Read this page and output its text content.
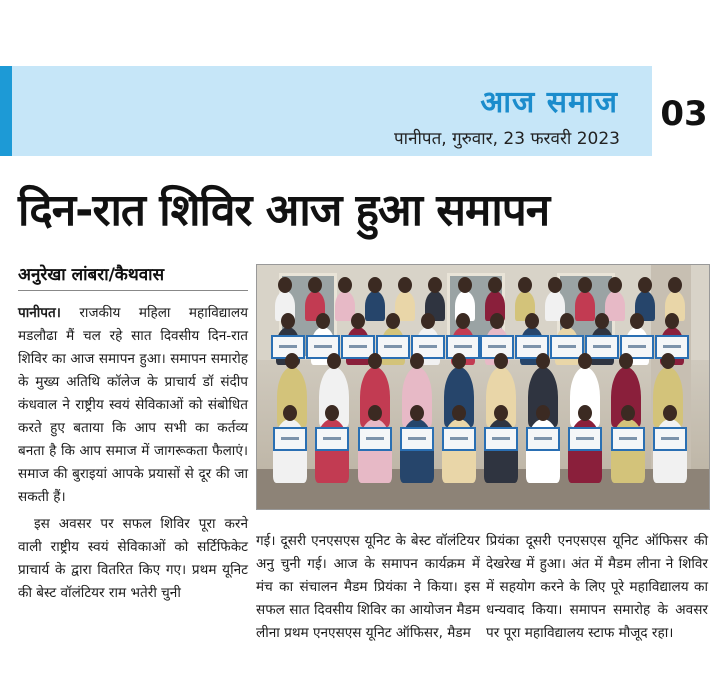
आज समाज
पानीपत, गुरुवार, 23 फरवरी 2023
03
दिन-रात शिविर आज हुआ समापन
अनुरेखा लांबरा/कैथवास

पानीपत। राजकीय महिला महाविद्यालय मडलौढा मैं चल रहे सात दिवसीय दिन-रात शिविर का आज समापन हुआ। समापन समारोह के मुख्य अतिथि कॉलेज के प्राचार्य डॉ संदीप कंधवाल ने राष्ट्रीय स्वयं सेविकाओं को संबोधित करते हुए बताया कि आप सभी का कर्तव्य बनता है कि आप समाज में जागरूकता फैलाएं। समाज की बुराइयां आपके प्रयासों से दूर की जा सकती हैं।

इस अवसर पर सफल शिविर पूरा करने वाली राष्ट्रीय स्वयं सेविकाओं को सर्टिफिकेट प्राचार्य के द्वारा वितरित किए गए। प्रथम यूनिट की बेस्ट वॉलंटियर राम भतेरी चुनी

गई। दूसरी एनएसएस यूनिट के बेस्ट वॉलंटियर अनु चुनी गई। आज के समापन कार्यक्रम में मंच का संचालन मैडम प्रियंका ने किया। इस सफल सात दिवसीय शिविर का आयोजन मैडम लीना प्रथम एनएसएस यूनिट ऑफिसर, मैडम
प्रियंका दूसरी एनएसएस यूनिट ऑफिसर की देखरेख में हुआ। अंत में मैडम लीना ने शिविर में सहयोग करने के लिए पूरे महाविद्यालय का धन्यवाद किया। समापन समारोह के अवसर पर पूरा महाविद्यालय स्टाफ मौजूद रहा।
